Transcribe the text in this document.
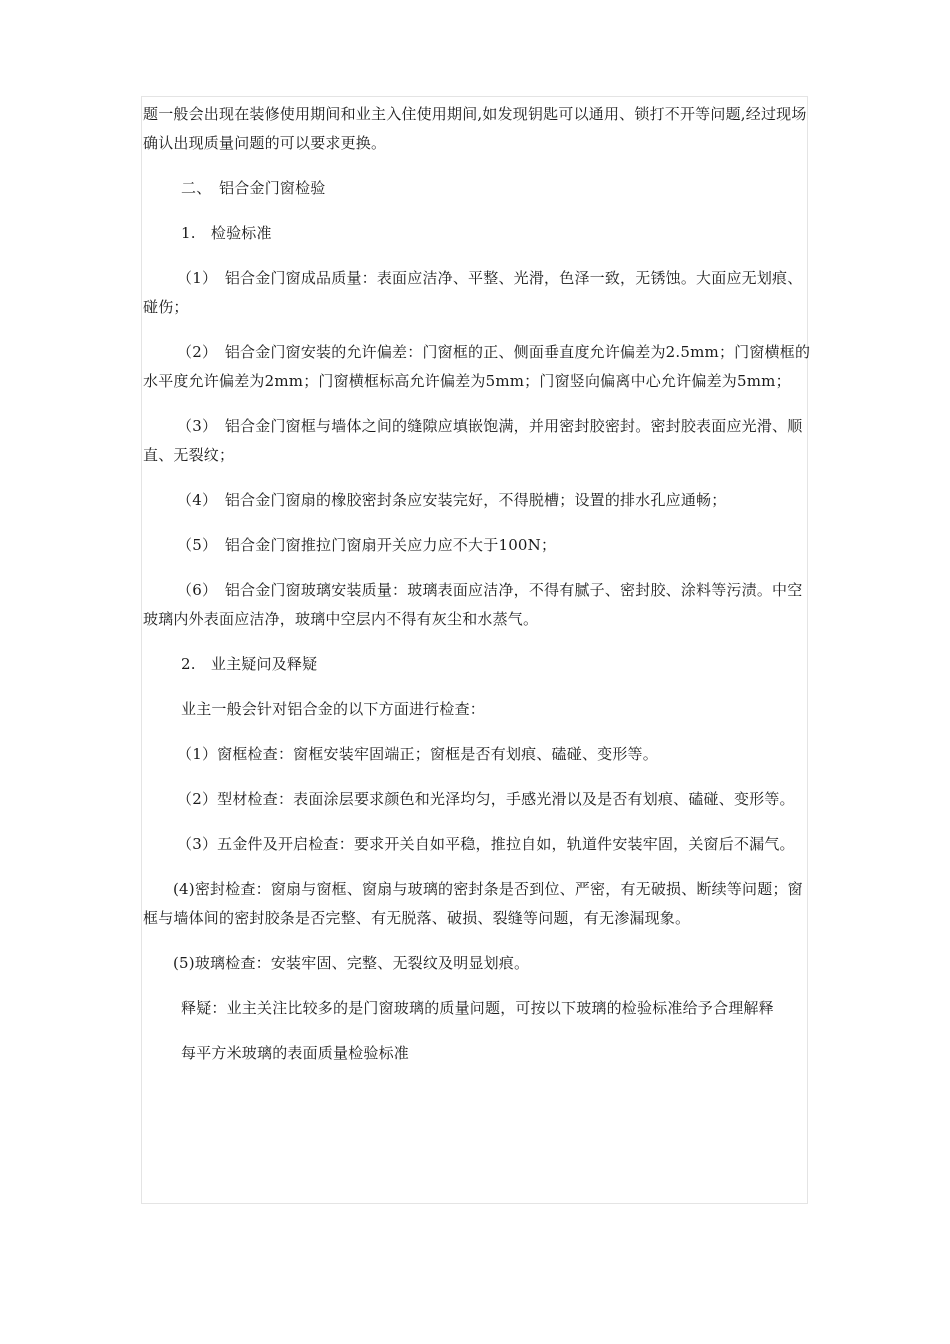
题一般会出现在装修使用期间和业主入住使用期间,如发现钥匙可以通用、锁打不开等问题,经过现场确认出现质量问题的可以要求更换。

二、　铝合金门窗检验

1.　检验标准

（1）　铝合金门窗成品质量：表面应洁净、平整、光滑，色泽一致，无锈蚀。大面应无划痕、碰伤；

（2）　铝合金门窗安装的允许偏差：门窗框的正、侧面垂直度允许偏差为2.5mm；门窗横框的水平度允许偏差为2mm；门窗横框标高允许偏差为5mm；门窗竖向偏离中心允许偏差为5mm；

（3）　铝合金门窗框与墙体之间的缝隙应填嵌饱满，并用密封胶密封。密封胶表面应光滑、顺直、无裂纹；

（4）　铝合金门窗扇的橡胶密封条应安装完好，不得脱槽；设置的排水孔应通畅；

（5）　铝合金门窗推拉门窗扇开关应力应不大于100N；

（6）　铝合金门窗玻璃安装质量：玻璃表面应洁净，不得有腻子、密封胶、涂料等污渍。中空玻璃内外表面应洁净，玻璃中空层内不得有灰尘和水蒸气。

2.　业主疑问及释疑

业主一般会针对铝合金的以下方面进行检查：

（1）窗框检查：窗框安装牢固端正；窗框是否有划痕、磕碰、变形等。

（2）型材检查：表面涂层要求颜色和光泽均匀，手感光滑以及是否有划痕、磕碰、变形等。

（3）五金件及开启检查：要求开关自如平稳，推拉自如，轨道件安装牢固，关窗后不漏气。

(4)密封检查：窗扇与窗框、窗扇与玻璃的密封条是否到位、严密，有无破损、断续等问题；窗框与墙体间的密封胶条是否完整、有无脱落、破损、裂缝等问题，有无渗漏现象。

(5)玻璃检查：安装牢固、完整、无裂纹及明显划痕。

释疑：业主关注比较多的是门窗玻璃的质量问题，可按以下玻璃的检验标准给予合理解释

每平方米玻璃的表面质量检验标准
